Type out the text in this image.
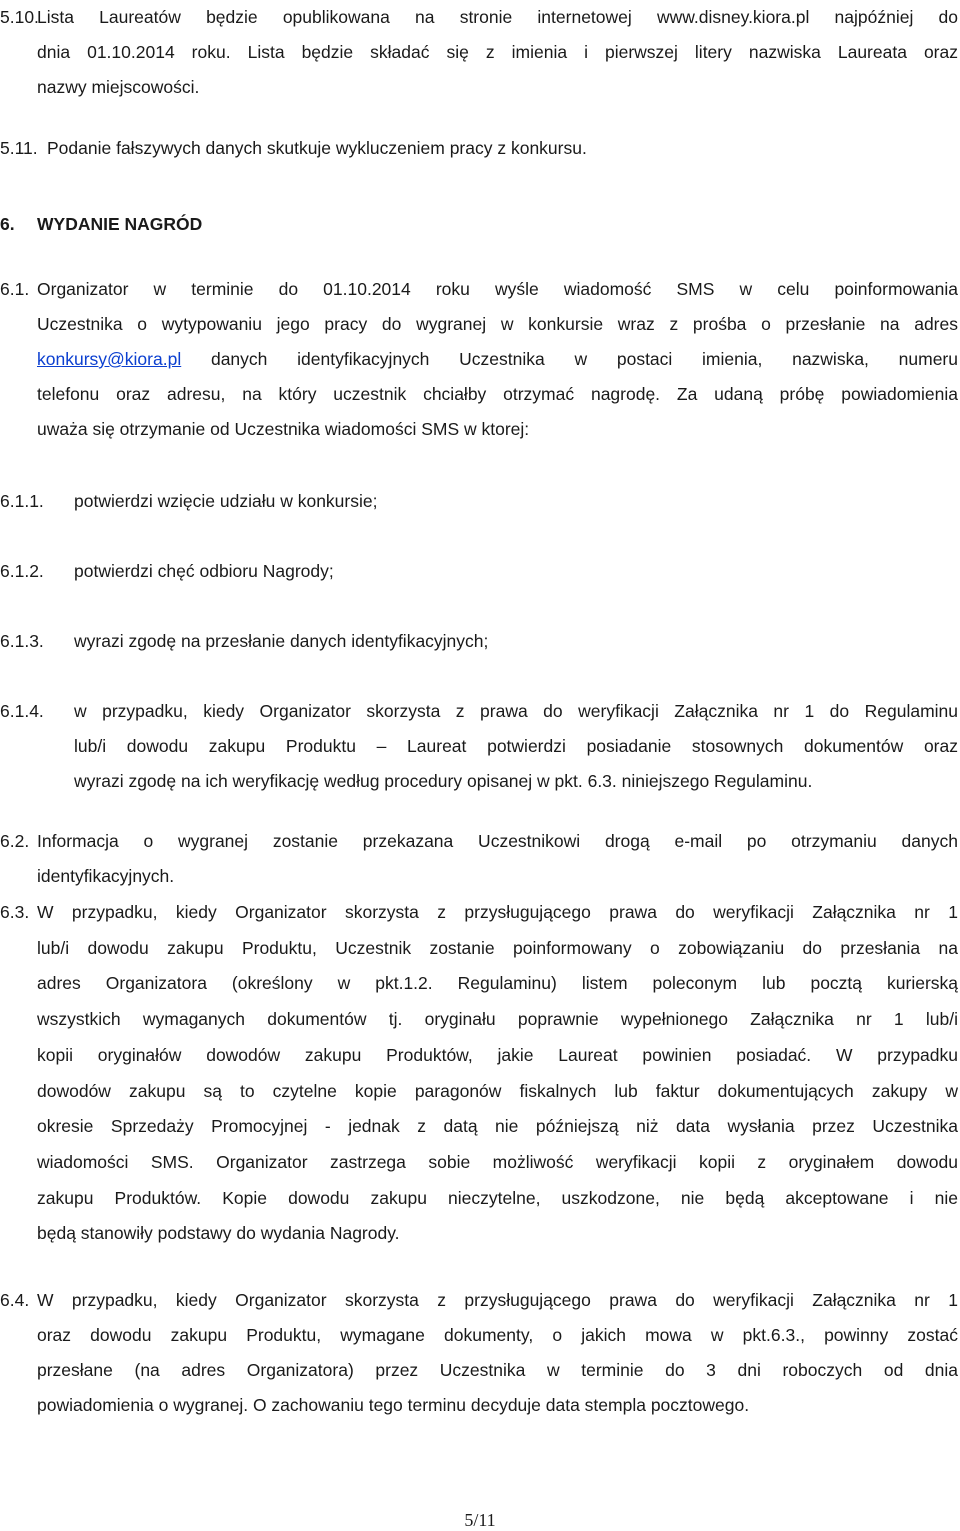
5.10.
Lista Laureatów będzie opublikowana na stronie internetowej www.disney.kiora.pl najpóźniej do
dnia 01.10.2014 roku. Lista będzie składać się z imienia i pierwszej litery nazwiska Laureata oraz
nazwy miejscowości.
5.11. Podanie fałszywych danych skutkuje wykluczeniem pracy z konkursu.
6. WYDANIE NAGRÓD
6.1. Organizator w terminie do 01.10.2014 roku wyśle wiadomość SMS w celu poinformowania
Uczestnika o wytypowaniu jego pracy do wygranej w konkursie wraz z prośba o przesłanie na adres
konkursy@kiora.pl danych identyfikacyjnych Uczestnika w postaci imienia, nazwiska, numeru
telefonu oraz adresu, na który uczestnik chciałby otrzymać nagrodę. Za udaną próbę powiadomienia
uważa się otrzymanie od Uczestnika wiadomości SMS w ktorej:
6.1.1. potwierdzi wzięcie udziału w konkursie;
6.1.2. potwierdzi chęć odbioru Nagrody;
6.1.3. wyrazi zgodę na przesłanie danych identyfikacyjnych;
6.1.4. w przypadku, kiedy Organizator skorzysta z prawa do weryfikacji Załącznika nr 1 do Regulaminu
lub/i dowodu zakupu Produktu – Laureat potwierdzi posiadanie stosownych dokumentów oraz
wyrazi zgodę na ich weryfikację według procedury opisanej w pkt. 6.3. niniejszego Regulaminu.
6.2. Informacja o wygranej zostanie przekazana Uczestnikowi drogą e-mail po otrzymaniu danych
identyfikacyjnych.
6.3. W przypadku, kiedy Organizator skorzysta z przysługującego prawa do weryfikacji Załącznika nr 1
lub/i dowodu zakupu Produktu, Uczestnik zostanie poinformowany o zobowiązaniu do przesłania na
adres Organizatora (określony w pkt.1.2. Regulaminu) listem poleconym lub pocztą kurierską
wszystkich wymaganych dokumentów tj. oryginału poprawnie wypełnionego Załącznika nr 1 lub/i
kopii oryginałów dowodów zakupu Produktów, jakie Laureat powinien posiadać. W przypadku
dowodów zakupu są to czytelne kopie paragonów fiskalnych lub faktur dokumentujących zakupy w
okresie Sprzedaży Promocyjnej - jednak z datą nie późniejszą niż data wysłania przez Uczestnika
wiadomości SMS. Organizator zastrzega sobie możliwość weryfikacji kopii z oryginałem dowodu
zakupu Produktów. Kopie dowodu zakupu nieczytelne, uszkodzone, nie będą akceptowane i nie
będą stanowiły podstawy do wydania Nagrody.
6.4. W przypadku, kiedy Organizator skorzysta z przysługującego prawa do weryfikacji Załącznika nr 1
oraz dowodu zakupu Produktu, wymagane dokumenty, o jakich mowa w pkt.6.3., powinny zostać
przesłane (na adres Organizatora) przez Uczestnika w terminie do 3 dni roboczych od dnia
powiadomienia o wygranej. O zachowaniu tego terminu decyduje data stempla pocztowego.
5/11
